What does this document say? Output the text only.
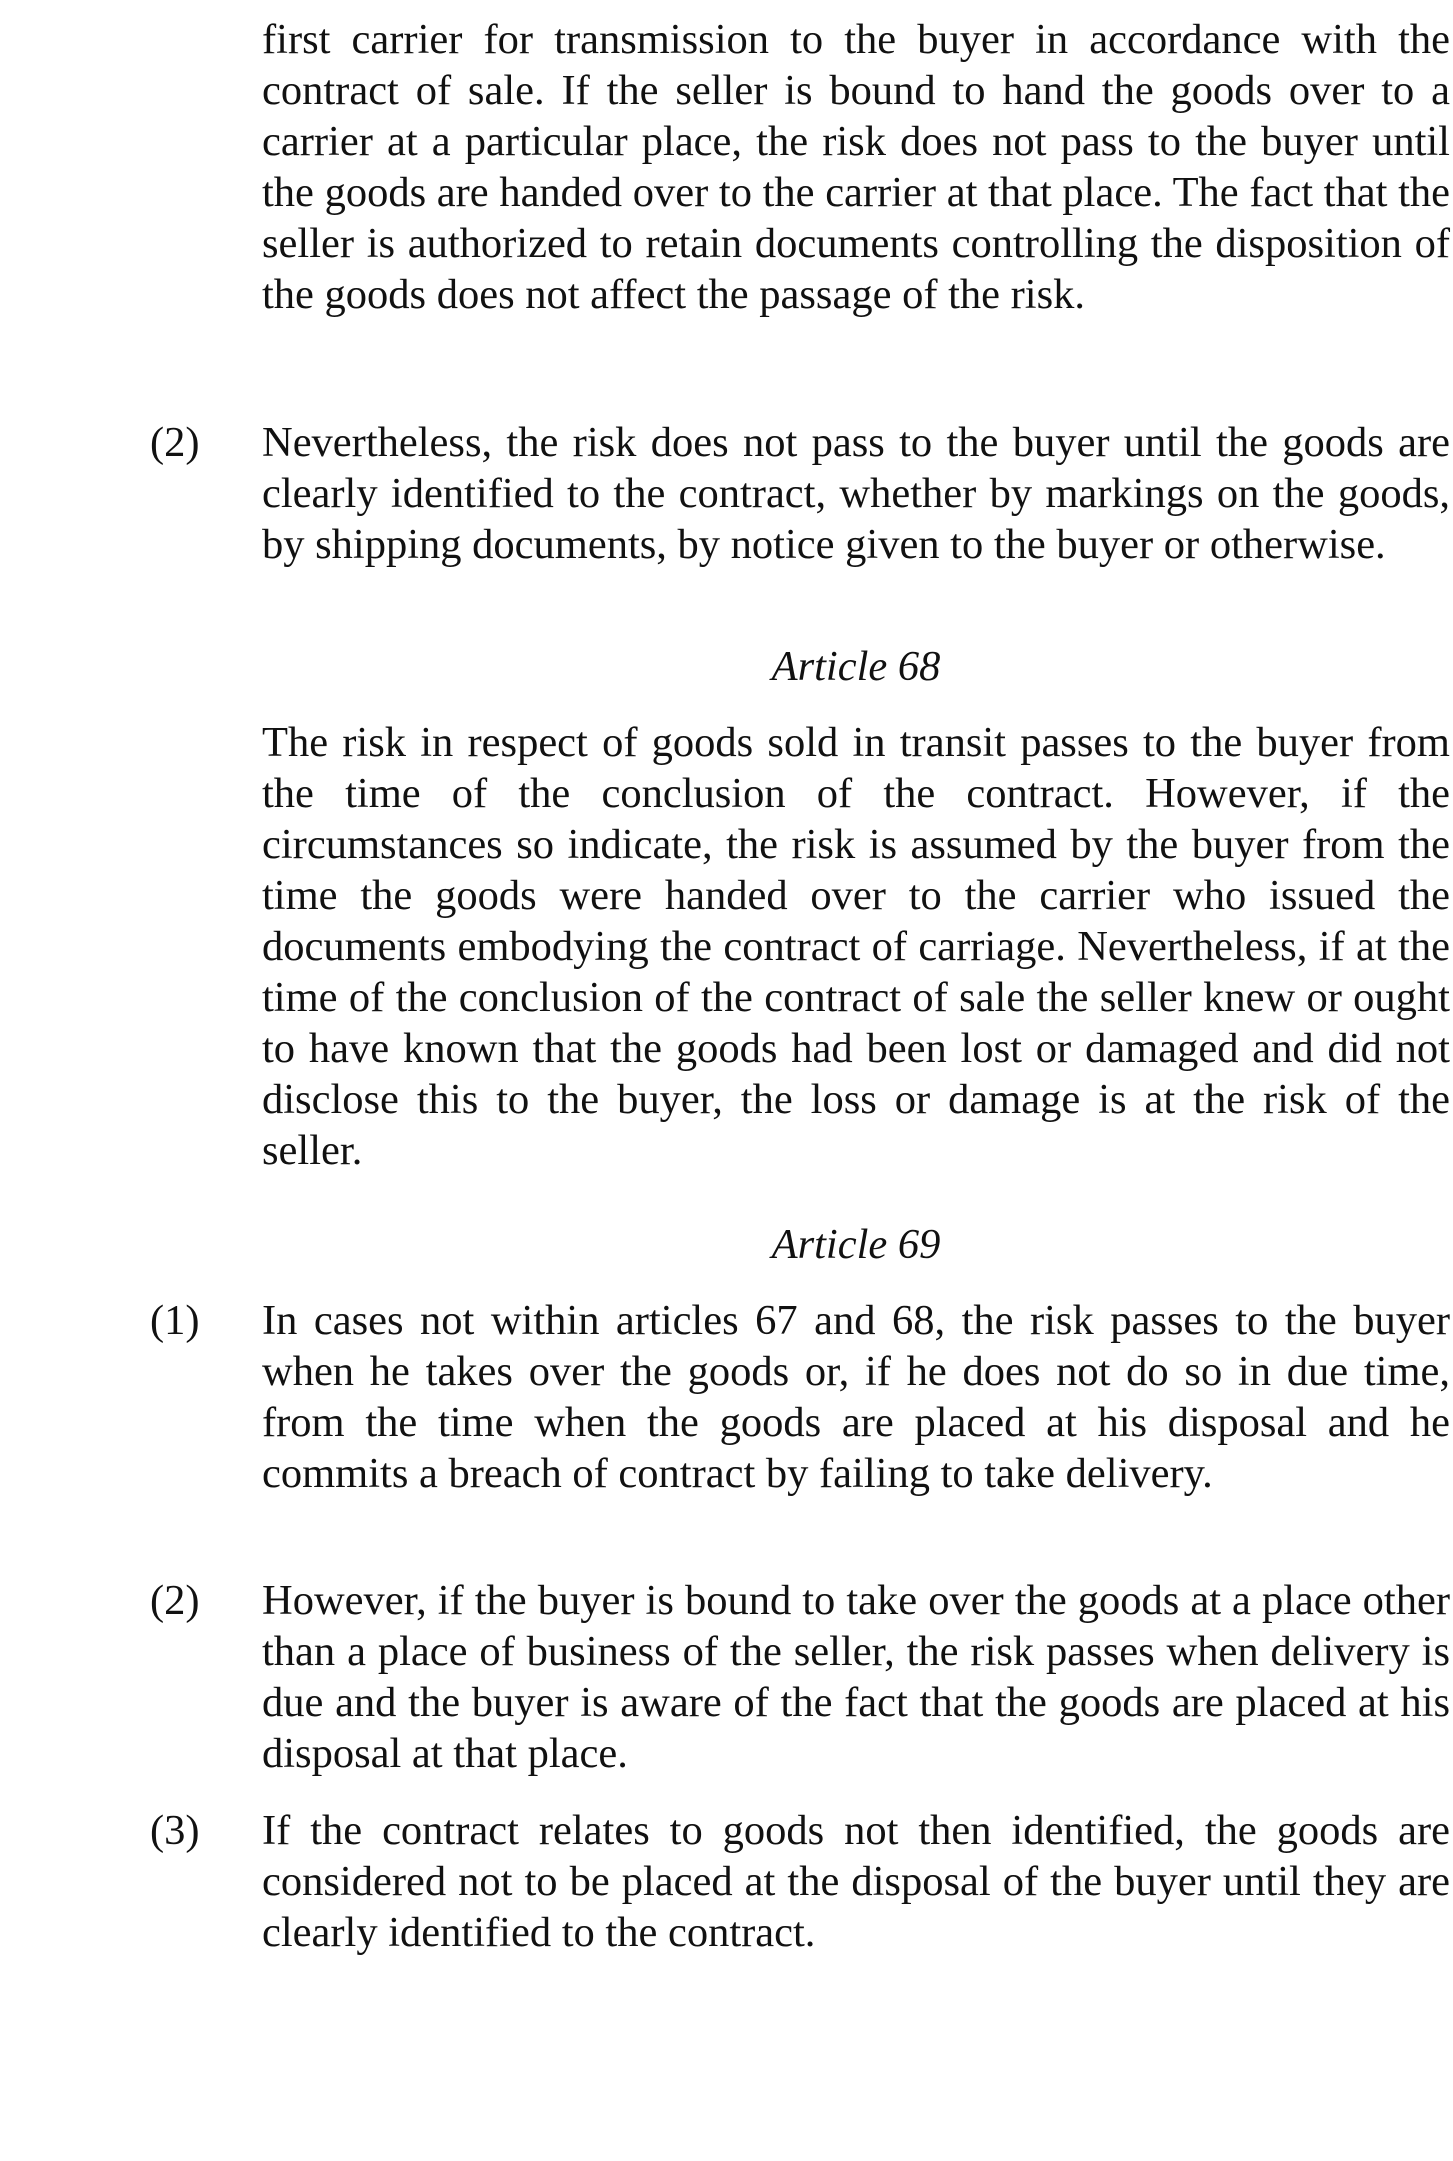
first carrier for transmission to the buyer in accordance with the contract of sale. If the seller is bound to hand the goods over to a carrier at a particular place, the risk does not pass to the buyer until the goods are handed over to the carrier at that place. The fact that the seller is authorized to retain documents controlling the disposition of the goods does not affect the passage of the risk.

(2) Nevertheless, the risk does not pass to the buyer until the goods are clearly identified to the contract, whether by markings on the goods, by shipping documents, by notice given to the buyer or otherwise.

Article 68

The risk in respect of goods sold in transit passes to the buyer from the time of the conclusion of the contract. However, if the circumstances so indicate, the risk is assumed by the buyer from the time the goods were handed over to the carrier who issued the documents embodying the contract of carriage. Nevertheless, if at the time of the conclusion of the contract of sale the seller knew or ought to have known that the goods had been lost or damaged and did not disclose this to the buyer, the loss or damage is at the risk of the seller.

Article 69
(1) In cases not within articles 67 and 68, the risk passes to the buyer when he takes over the goods or, if he does not do so in due time, from the time when the goods are placed at his disposal and he commits a breach of contract by failing to take delivery.

(2) However, if the buyer is bound to take over the goods at a place other than a place of business of the seller, the risk passes when delivery is due and the buyer is aware of the fact that the goods are placed at his disposal at that place.

(3) If the contract relates to goods not then identified, the goods are considered not to be placed at the disposal of the buyer until they are clearly identified to the contract.
